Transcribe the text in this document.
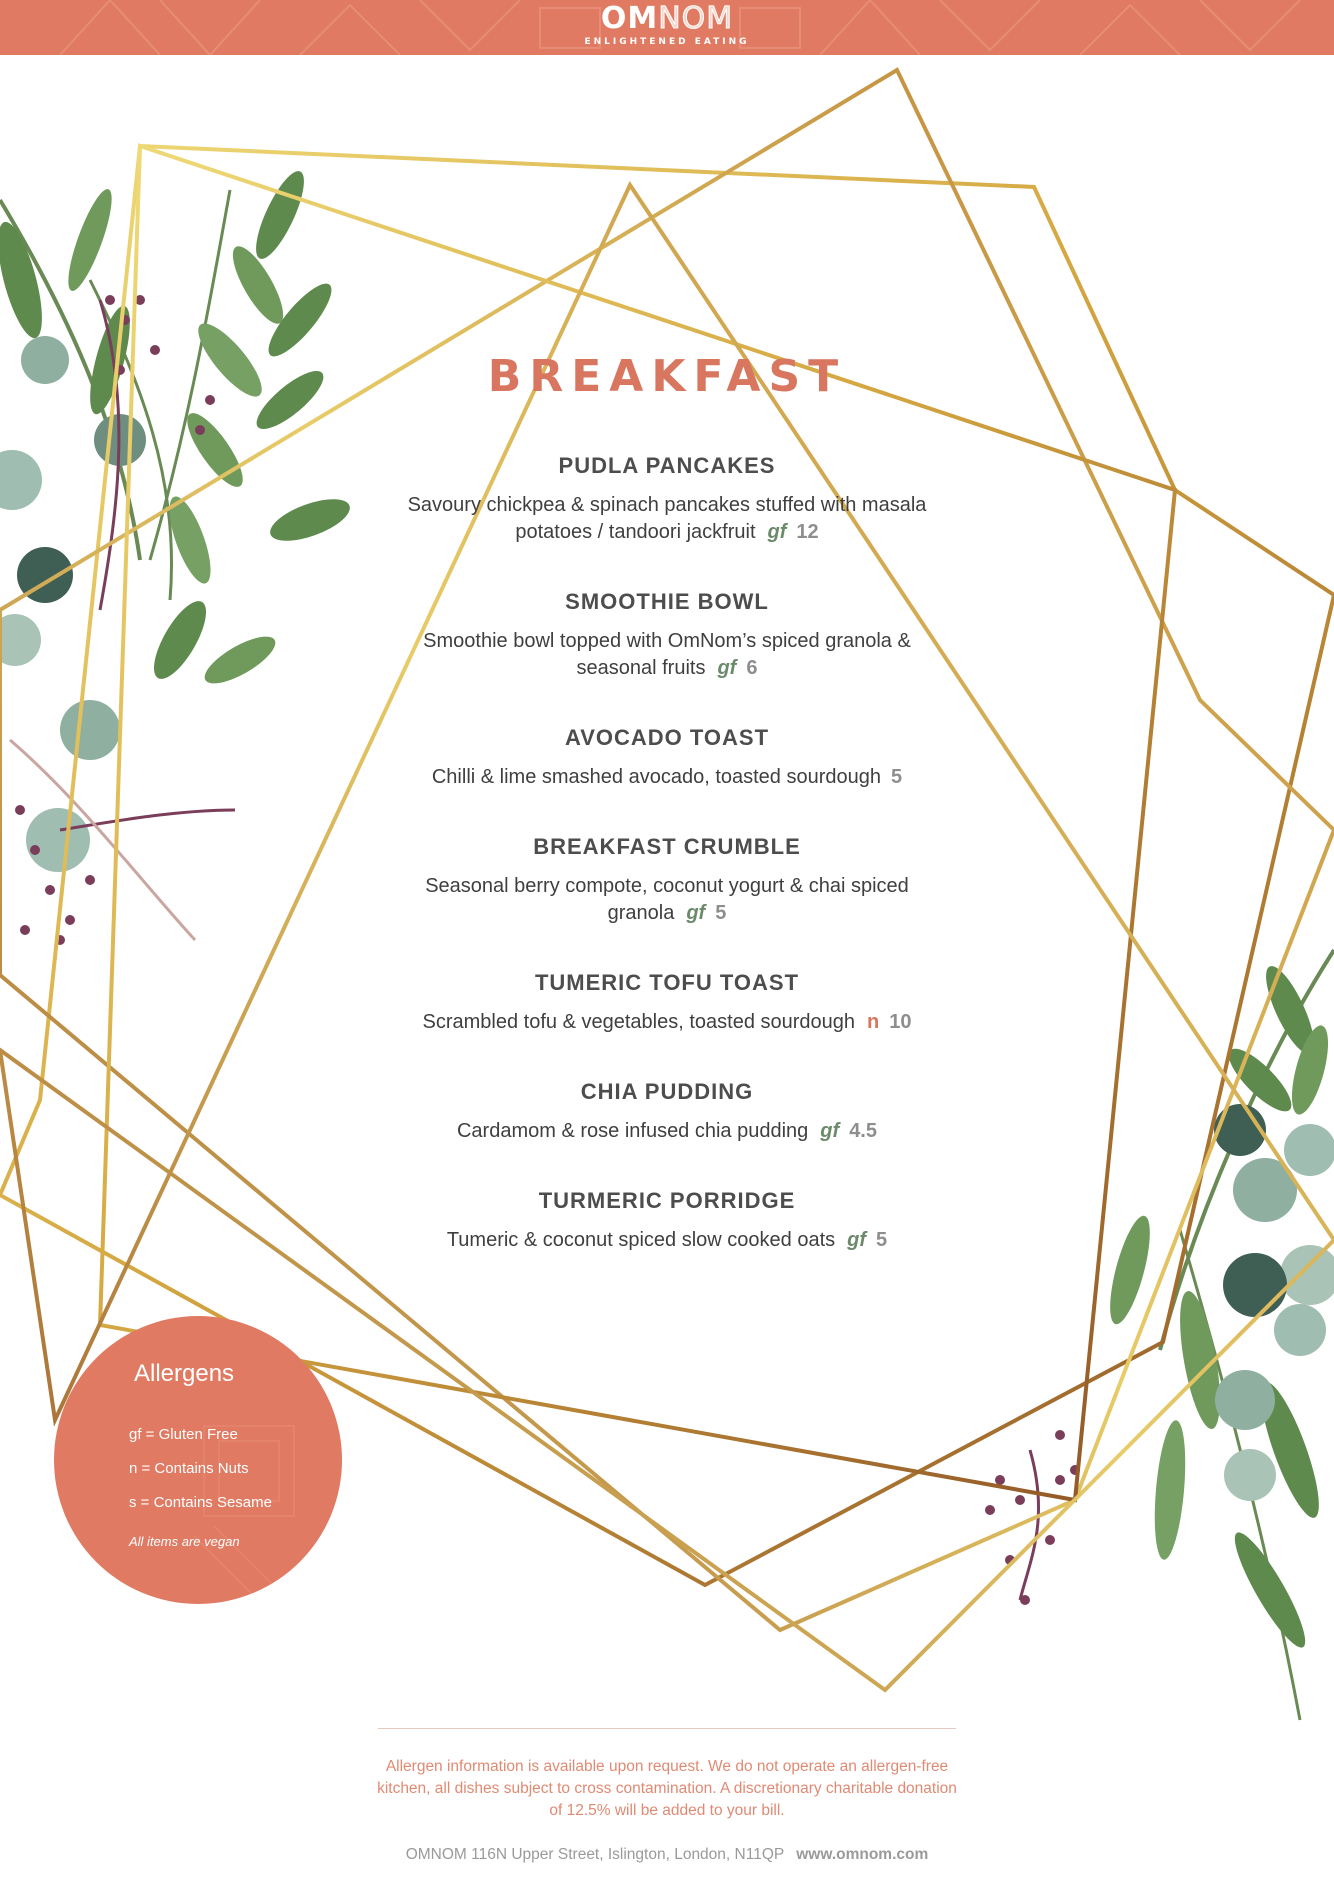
OMNOM
ENLIGHTENED EATING
BREAKFAST
PUDLA PANCAKES
Savoury chickpea & spinach pancakes stuffed with masala potatoes / tandoori jackfruit gf 12
SMOOTHIE BOWL
Smoothie bowl topped with OmNom’s spiced granola & seasonal fruits gf 6
AVOCADO TOAST
Chilli & lime smashed avocado, toasted sourdough 5
BREAKFAST CRUMBLE
Seasonal berry compote, coconut yogurt & chai spiced granola gf 5
TUMERIC TOFU TOAST
Scrambled tofu & vegetables, toasted sourdough n 10
CHIA PUDDING
Cardamom & rose infused chia pudding gf 4.5
TURMERIC PORRIDGE
Tumeric & coconut spiced slow cooked oats gf 5
Allergens
gf = Gluten Free
n = Contains Nuts
s = Contains Sesame
All items are vegan
Allergen information is available upon request. We do not operate an allergen-free kitchen, all dishes subject to cross contamination. A discretionary charitable donation of 12.5% will be added to your bill.
OMNOM 116N Upper Street, Islington, London, N11QP www.omnom.com
